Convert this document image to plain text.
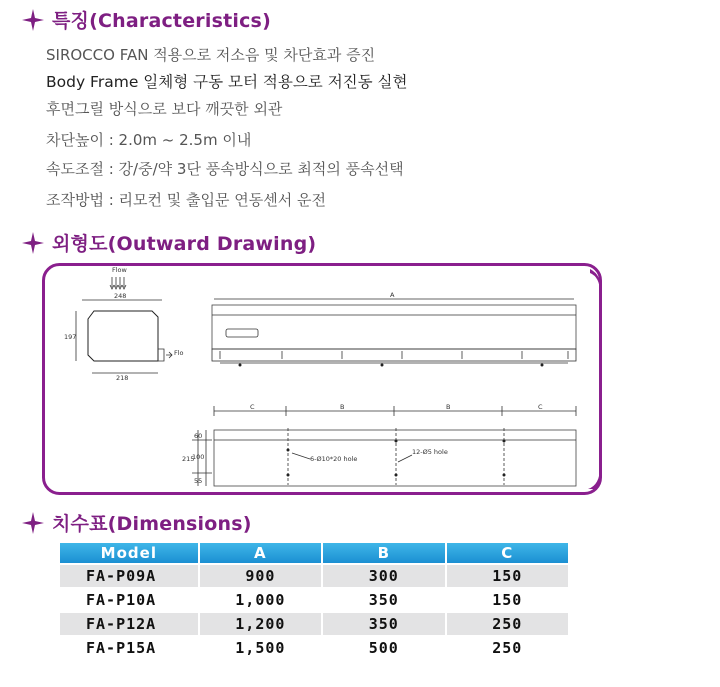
특징(Characteristics)
SIROCCO FAN 적용으로 저소음 및 차단효과 증진
Body Frame 일체형 구동 모터 적용으로 저진동 실현
후면그릴 방식으로 보다 깨끗한 외관
차단높이 : 2.0m ~ 2.5m 이내
속도조절 : 강/중/약 3단 풍속방식으로 최적의 풍속선택
조작방법 : 리모컨 및 출입문 연동센서 운전
외형도(Outward Drawing)
Flow
Flo
248
197
218
A
C	B	B	C
60
100
215
55
6-Ø10*20 hole
12-Ø5 hole
치수표(Dimensions)
Model	A	B	C
FA-P09A	900	300	150
FA-P10A	1,000	350	150
FA-P12A	1,200	350	250
FA-P15A	1,500	500	250
